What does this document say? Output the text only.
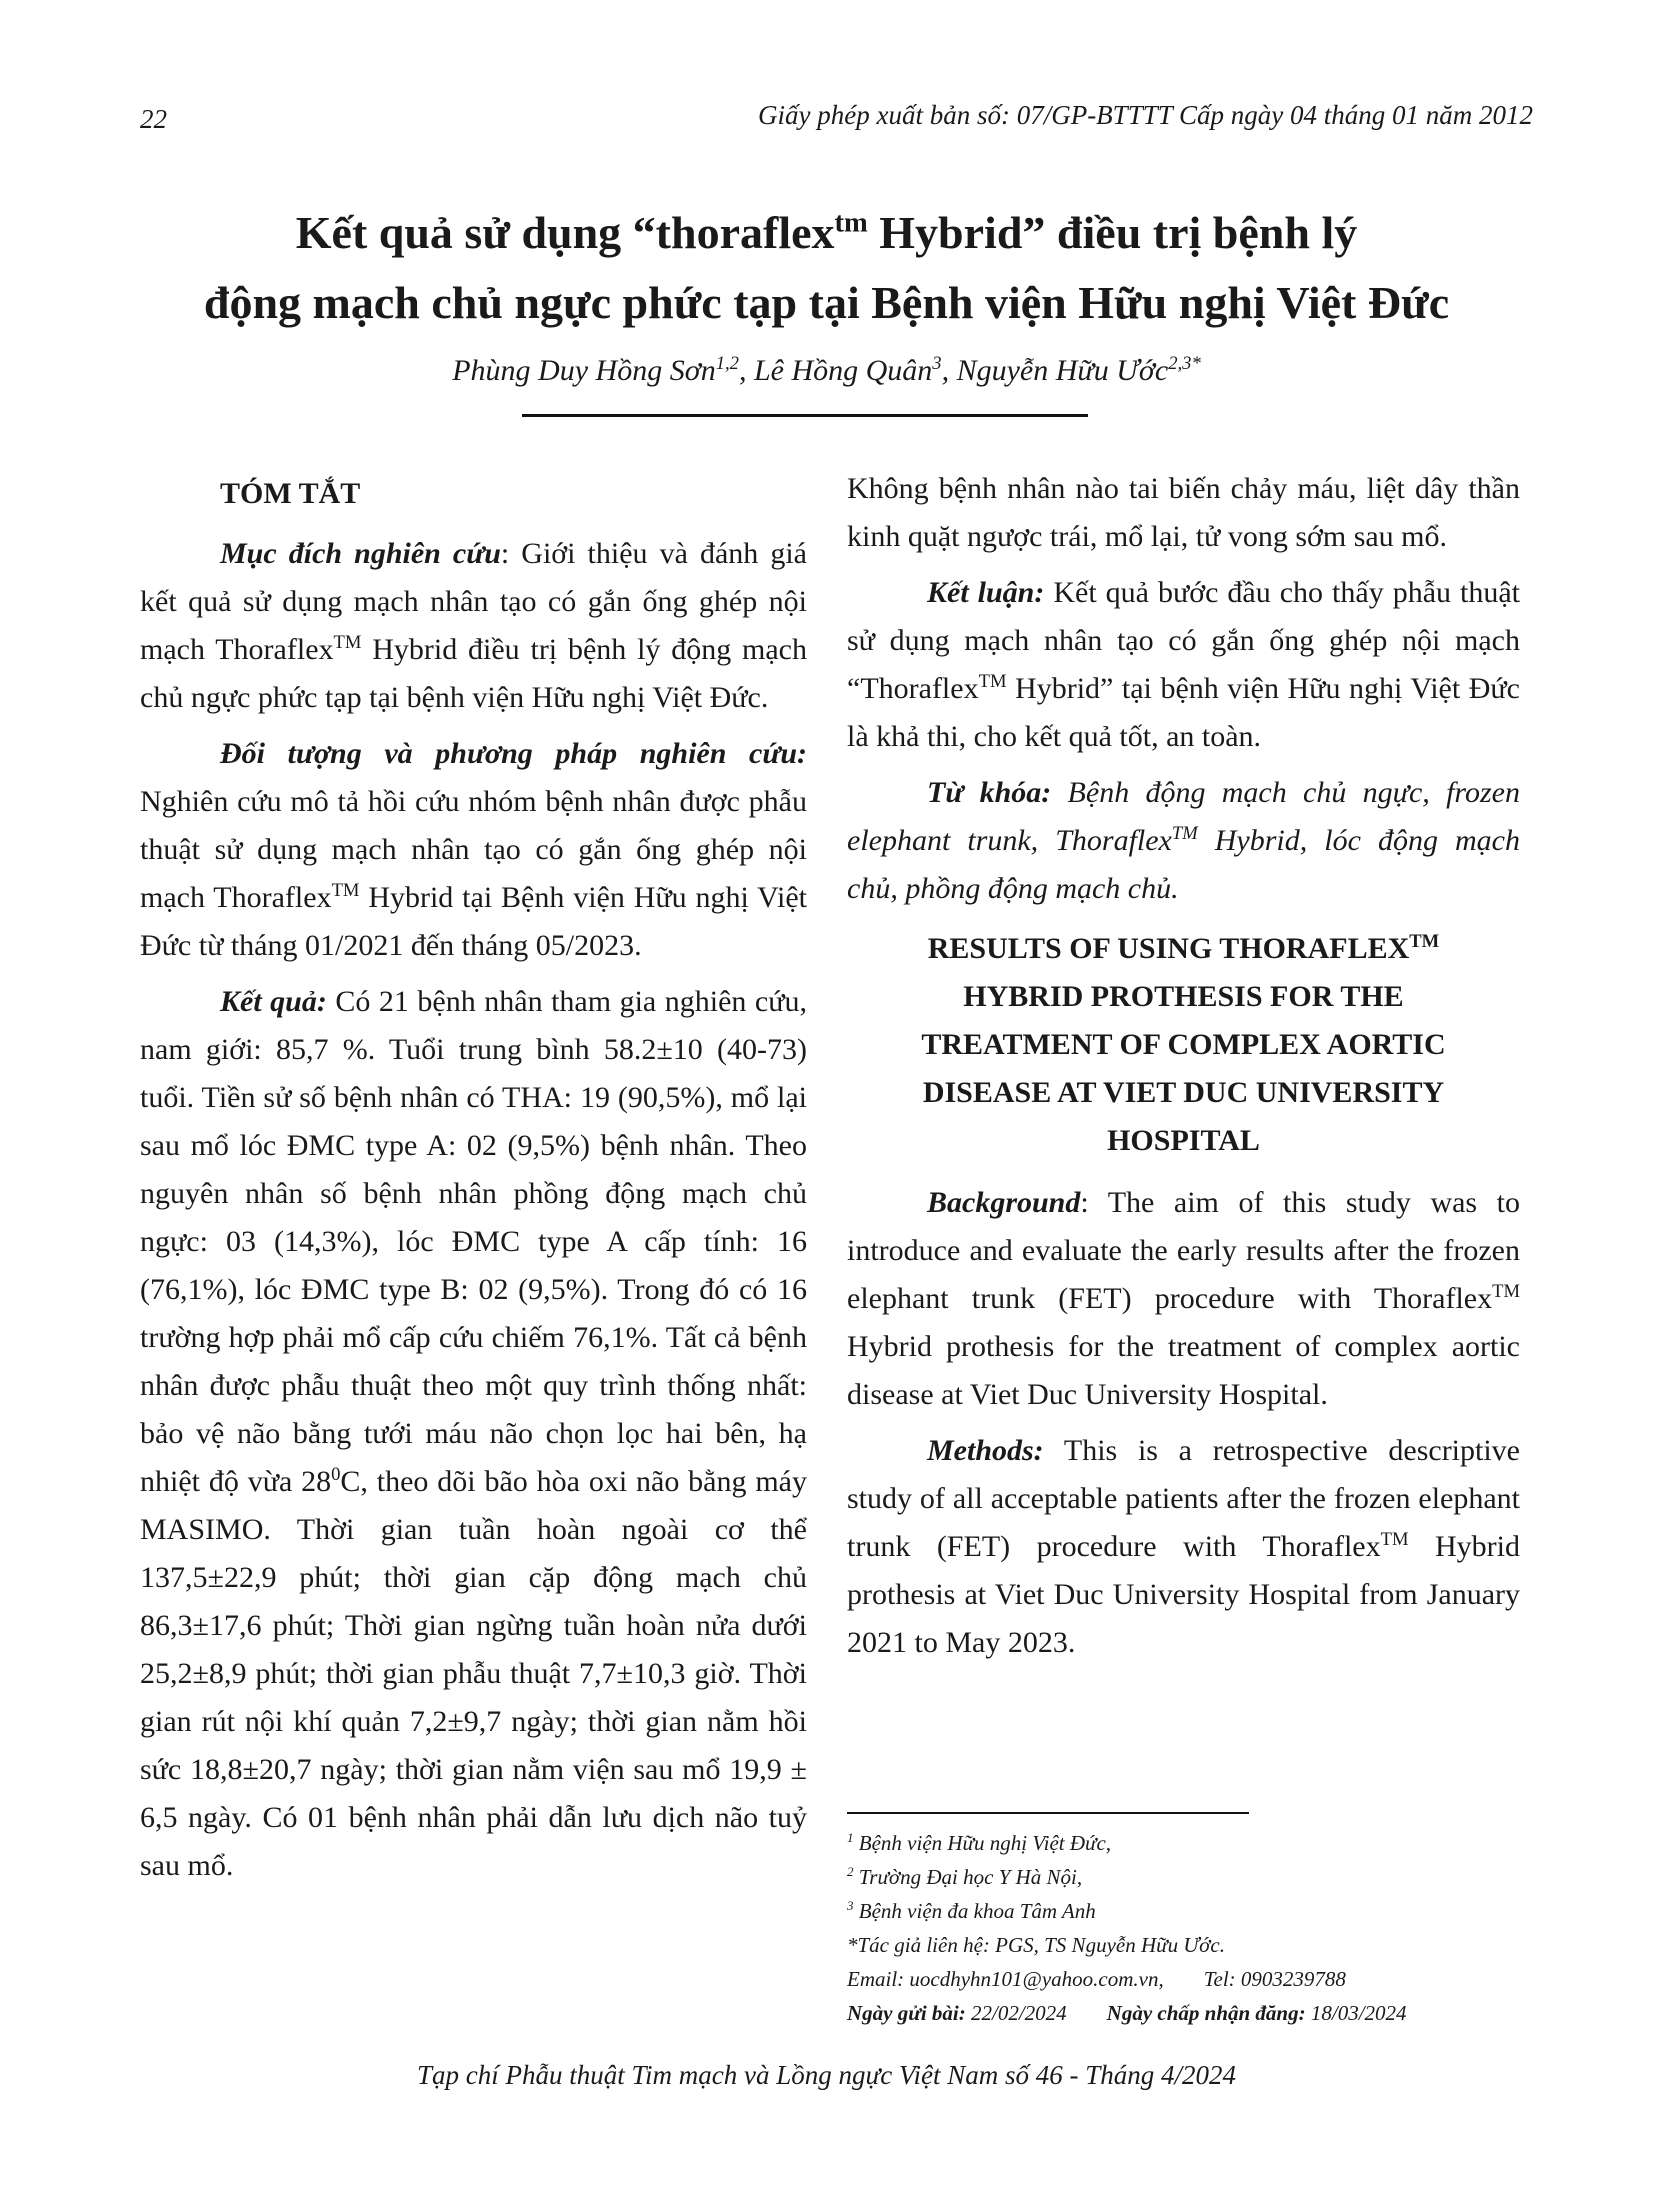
22	Giấy phép xuất bản số: 07/GP-BTTTT Cấp ngày 04 tháng 01 năm 2012
Kết quả sử dụng “thoraflex$^{tm}$ Hybrid” điều trị bệnh lý
động mạch chủ ngực phức tạp tại Bệnh viện Hữu nghị Việt Đức
Phùng Duy Hồng Sơn$^{1,2}$, Lê Hồng Quân$^3$, Nguyễn Hữu Ước$^{2,3*}$
TÓM TẮT

Mục đích nghiên cứu: Giới thiệu và đánh giá kết quả sử dụng mạch nhân tạo có gắn ống ghép nội mạch Thoraflex™ Hybrid điều trị bệnh lý động mạch chủ ngực phức tạp tại bệnh viện Hữu nghị Việt Đức.

Đối tượng và phương pháp nghiên cứu: Nghiên cứu mô tả hồi cứu nhóm bệnh nhân được phẫu thuật sử dụng mạch nhân tạo có gắn ống ghép nội mạch Thoraflex™ Hybrid tại Bệnh viện Hữu nghị Việt Đức từ tháng 01/2021 đến tháng 05/2023.

Kết quả: Có 21 bệnh nhân tham gia nghiên cứu, nam giới: 85,7 %. Tuổi trung bình 58.2±10 (40-73) tuổi. Tiền sử số bệnh nhân có THA: 19 (90,5%), mổ lại sau mổ lóc ĐMC type A: 02 (9,5%) bệnh nhân. Theo nguyên nhân số bệnh nhân phồng động mạch chủ ngực: 03 (14,3%), lóc ĐMC type A cấp tính: 16 (76,1%), lóc ĐMC type B: 02 (9,5%). Trong đó có 16 trường hợp phải mổ cấp cứu chiếm 76,1%. Tất cả bệnh nhân được phẫu thuật theo một quy trình thống nhất: bảo vệ não bằng tưới máu não chọn lọc hai bên, hạ nhiệt độ vừa $28^0C$, theo dõi bão hòa oxi não bằng máy MASIMO. Thời gian tuần hoàn ngoài cơ thể 137,5±22,9 phút; thời gian cặp động mạch chủ 86,3±17,6 phút; Thời gian ngừng tuần hoàn nửa dưới 25,2±8,9 phút; thời gian phẫu thuật 7,7±10,3 giờ. Thời gian rút nội khí quản 7,2±9,7 ngày; thời gian nằm hồi sức 18,8±20,7 ngày; thời gian nằm viện sau mổ 19,9 ± 6,5 ngày. Có 01 bệnh nhân phải dẫn lưu dịch não tuỷ sau mổ.

Không bệnh nhân nào tai biến chảy máu, liệt dây thần kinh quặt ngược trái, mổ lại, tử vong sớm sau mổ.

Kết luận: Kết quả bước đầu cho thấy phẫu thuật sử dụng mạch nhân tạo có gắn ống ghép nội mạch “Thoraflex™ Hybrid” tại bệnh viện Hữu nghị Việt Đức là khả thi, cho kết quả tốt, an toàn.

Từ khóa: Bệnh động mạch chủ ngực, frozen elephant trunk, Thoraflex™ Hybrid, lóc động mạch chủ, phồng động mạch chủ.

RESULTS OF USING THORAFLEX™
HYBRID PROTHESIS FOR THE
TREATMENT OF COMPLEX AORTIC
DISEASE AT VIET DUC UNIVERSITY
HOSPITAL

Background: The aim of this study was to introduce and evaluate the early results after the frozen elephant trunk (FET) procedure with Thoraflex™ Hybrid prothesis for the treatment of complex aortic disease at Viet Duc University Hospital.

Methods: This is a retrospective descriptive study of all acceptable patients after the frozen elephant trunk (FET) procedure with Thoraflex™ Hybrid prothesis at Viet Duc University Hospital from January 2021 to May 2023.

$^1$ Bệnh viện Hữu nghị Việt Đức,
$^2$ Trường Đại học Y Hà Nội,
$^3$ Bệnh viện đa khoa Tâm Anh
*Tác giả liên hệ: PGS, TS Nguyễn Hữu Ước.
Email: uocdhyhn101@yahoo.com.vn, Tel: 0903239788
Ngày gửi bài: 22/02/2024 Ngày chấp nhận đăng: 18/03/2024
Tạp chí Phẫu thuật Tim mạch và Lồng ngực Việt Nam số 46 - Tháng 4/2024
